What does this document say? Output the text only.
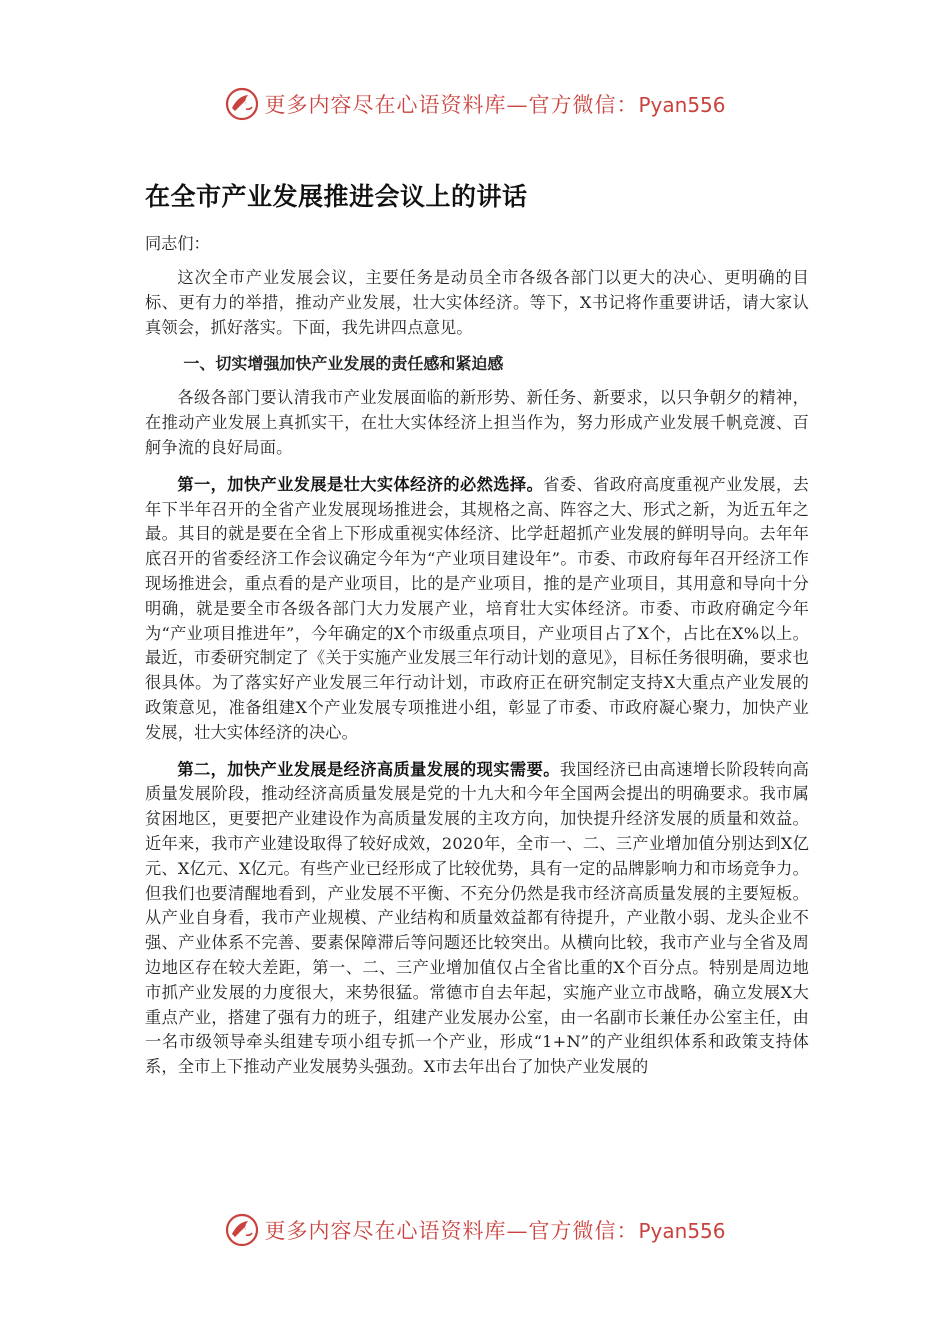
更多内容尽在心语资料库—官方微信：Pyan556
在全市产业发展推进会议上的讲话
同志们：

这次全市产业发展会议，主要任务是动员全市各级各部门以更大的决心、更明确的目标、更有力的举措，推动产业发展，壮大实体经济。等下，X书记将作重要讲话，请大家认真领会，抓好落实。下面，我先讲四点意见。

一、切实增强加快产业发展的责任感和紧迫感

各级各部门要认清我市产业发展面临的新形势、新任务、新要求，以只争朝夕的精神，在推动产业发展上真抓实干，在壮大实体经济上担当作为，努力形成产业发展千帆竞渡、百舸争流的良好局面。

第一，加快产业发展是壮大实体经济的必然选择。省委、省政府高度重视产业发展，去年下半年召开的全省产业发展现场推进会，其规格之高、阵容之大、形式之新，为近五年之最。其目的就是要在全省上下形成重视实体经济、比学赶超抓产业发展的鲜明导向。去年年底召开的省委经济工作会议确定今年为“产业项目建设年”。市委、市政府每年召开经济工作现场推进会，重点看的是产业项目，比的是产业项目，推的是产业项目，其用意和导向十分明确，就是要全市各级各部门大力发展产业，培育壮大实体经济。市委、市政府确定今年为“产业项目推进年”，今年确定的X个市级重点项目，产业项目占了X个，占比在X%以上。最近，市委研究制定了《关于实施产业发展三年行动计划的意见》，目标任务很明确，要求也很具体。为了落实好产业发展三年行动计划，市政府正在研究制定支持X大重点产业发展的政策意见，准备组建X个产业发展专项推进小组，彰显了市委、市政府凝心聚力，加快产业发展，壮大实体经济的决心。

第二，加快产业发展是经济高质量发展的现实需要。我国经济已由高速增长阶段转向高质量发展阶段，推动经济高质量发展是党的十九大和今年全国两会提出的明确要求。我市属贫困地区，更要把产业建设作为高质量发展的主攻方向，加快提升经济发展的质量和效益。近年来，我市产业建设取得了较好成效，2020年，全市一、二、三产业增加值分别达到X亿元、X亿元、X亿元。有些产业已经形成了比较优势，具有一定的品牌影响力和市场竞争力。但我们也要清醒地看到，产业发展不平衡、不充分仍然是我市经济高质量发展的主要短板。从产业自身看，我市产业规模、产业结构和质量效益都有待提升，产业散小弱、龙头企业不强、产业体系不完善、要素保障滞后等问题还比较突出。从横向比较，我市产业与全省及周边地区存在较大差距，第一、二、三产业增加值仅占全省比重的X个百分点。特别是周边地市抓产业发展的力度很大，来势很猛。常德市自去年起，实施产业立市战略，确立发展X大重点产业，搭建了强有力的班子，组建产业发展办公室，由一名副市长兼任办公室主任，由一名市级领导牵头组建专项小组专抓一个产业，形成“1+N”的产业组织体系和政策支持体系，全市上下推动产业发展势头强劲。X市去年出台了加快产业发展的

更多内容尽在心语资料库—官方微信：Pyan556
